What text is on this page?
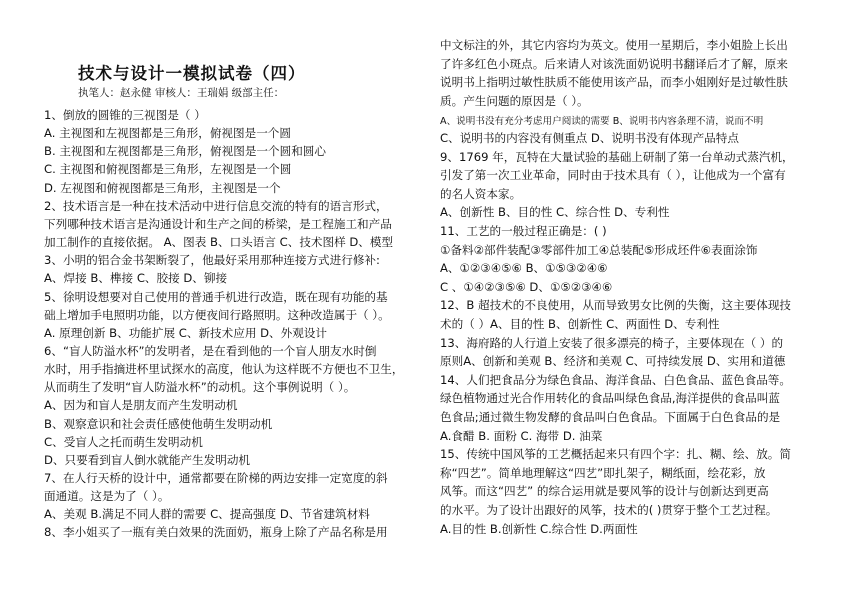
技术与设计一模拟试卷（四）
执笔人：赵永健 审核人：王瑞娟 级部主任：
1、倒放的圆锥的三视图是（ ）
A. 主视图和左视图都是三角形，俯视图是一个圆
B. 主视图和左视图都是三角形，俯视图是一个圆和圆心
C. 主视图和俯视图都是三角形，左视图是一个圆
D. 左视图和俯视图都是三角形，主视图是一个
2、技术语言是一种在技术活动中进行信息交流的特有的语言形式，
下列哪种技术语言是沟通设计和生产之间的桥梁，是工程施工和产品
加工制作的直接依据。 A、图表 B、口头语言 C、技术图样 D、模型
3、小明的铝合金书架断裂了，他最好采用那种连接方式进行修补:
A、焊接 B、榫接 C、胶接 D、铆接
5、徐明设想要对自己使用的普通手机进行改造，既在现有功能的基
础上增加手电照明功能，以方便夜间行路照明。这种改造属于（ ）。
A. 原理创新 B、功能扩展 C、新技术应用 D、外观设计
6、“盲人防溢水杯”的发明者，是在看到他的一个盲人朋友水时倒
水时，用手指摘进杯里试探水的高度，他认为这样既不方便也不卫生，
从而萌生了发明“盲人防溢水杯”的动机。这个事例说明（ ）。
A、因为和盲人是朋友而产生发明动机
B、观察意识和社会责任感使他萌生发明动机
C、受盲人之托而萌生发明动机
D、只要看到盲人倒水就能产生发明动机
7、在人行天桥的设计中，通常都要在阶梯的两边安排一定宽度的斜
面通道。这是为了（ ）。
A、美观 B.满足不同人群的需要 C、提高强度 D、节省建筑材料
8、李小姐买了一瓶有美白效果的洗面奶，瓶身上除了产品名称是用
中文标注的外，其它内容均为英文。使用一星期后，李小姐脸上长出
了许多红色小斑点。后来请人对该洗面奶说明书翻译后才了解，原来
说明书上指明过敏性肤质不能使用该产品，而李小姐刚好是过敏性肤
质。产生问题的原因是（ ）。
A、说明书没有充分考虑用户阅读的需要 B、说明书内容条理不清，说而不明
C、说明书的内容没有侧重点 D、说明书没有体现产品特点
9、1769 年，瓦特在大量试验的基础上研制了第一台单动式蒸汽机，
引发了第一次工业革命，同时由于技术具有（ ），让他成为一个富有
的名人资本家。
A、创新性 B、目的性 C、综合性 D、专利性
11、工艺的一般过程正确是：( )
①备料②部件装配③零部件加工④总装配⑤形成坯件⑥表面涂饰
A、①②③④⑤⑥ B、①⑤③②④⑥
C 、①④②③⑤⑥ D、①⑤②③④⑥
12、B 超技术的不良使用，从而导致男女比例的失衡，这主要体现技
术的（ ）A、目的性 B、创新性 C、两面性 D、专利性
13、海府路的人行道上安装了很多漂亮的椅子，主要体现在（ ）的
原则A、创新和美观 B、经济和美观 C、可持续发展 D、实用和道德
14、人们把食品分为绿色食品、海洋食品、白色食品、蓝色食品等。
绿色植物通过光合作用转化的食品叫绿色食品,海洋提供的食品叫蓝
色食品;通过微生物发酵的食品叫白色食品。下面属于白色食品的是
A.食醋 B. 面粉 C. 海带 D. 油菜
15、传统中国风筝的工艺概括起来只有四个字：扎、糊、绘、放。简
称“四艺”。简单地理解这“四艺”即扎架子，糊纸面，绘花彩，放
风筝。而这“四艺” 的综合运用就是要风筝的设计与创新达到更高
的水平。为了设计出跟好的风筝，技术的( )贯穿于整个工艺过程。
A.目的性 B.创新性 C.综合性 D.两面性
